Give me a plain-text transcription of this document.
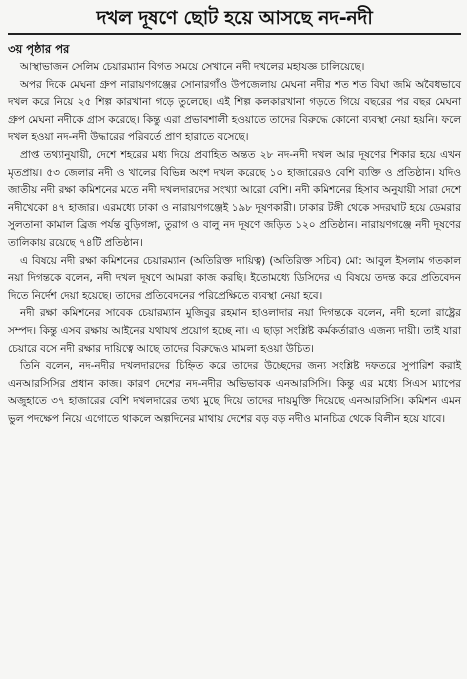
দখল দূষণে ছোট হয়ে আসছে নদ-নদী
৩য় পৃষ্ঠার পর

আস্থাভাজন সেলিম চেয়ারম্যান বিগত সময়ে সেখানে নদী দখলের মহাযজ্ঞ চালিয়েছে।

অপর দিকে মেঘনা গ্রুপ নারায়ণগঞ্জের সোনারগাঁও উপজেলায় মেঘনা নদীর শত শত বিঘা জমি অবৈধভাবে দখল করে নিয়ে ২৫ শিল্প কারখানা গড়ে তুলেছে। এই শিল্প কলকারখানা গড়তে গিয়ে বছরের পর বছর মেঘনা গ্রুপ মেঘনা নদীকে গ্রাস করেছে। কিন্তু এরা প্রভাবশালী হওয়াতে তাদের বিরুদ্ধে কোনো ব্যবস্থা নেয়া হয়নি। ফলে দখল হওয়া নদ-নদী উদ্ধারের পরিবর্তে প্রাণ হারাতে বসেছে।

প্রাপ্ত তথ্যানুযায়ী, দেশে শহরের মধ্য দিয়ে প্রবাহিত অন্তত ২৮ নদ-নদী দখল আর দূষণের শিকার হয়ে এখন মৃতপ্রায়। ৫৩ জেলার নদী ও খালের বিভিন্ন অংশ দখল করেছে ১০ হাজারেরও বেশি ব্যক্তি ও প্রতিষ্ঠান। যদিও জাতীয় নদী রক্ষা কমিশনের মতে নদী দখলদারদের সংখ্যা আরো বেশি। নদী কমিশনের হিসাব অনুযায়ী সারা দেশে নদীখেকো ৪৭ হাজার। এরমধ্যে ঢাকা ও নারায়ণগঞ্জেই ১৯৮ দূষণকারী। ঢাকার টঙ্গী থেকে সদরঘাট হয়ে ডেমরার সুলতানা কামাল ব্রিজ পর্যন্ত বুড়িগঙ্গা, তুরাগ ও বালু নদ দূষণে জড়িত ১২০ প্রতিষ্ঠান। নারায়ণগঞ্জে নদী দূষণের তালিকায় রয়েছে ৭৪টি প্রতিষ্ঠান।

এ বিষয়ে নদী রক্ষা কমিশনের চেয়ারম্যান (অতিরিক্ত দায়িত্ব) (অতিরিক্ত সচিব) মো: আবুল ইসলাম গতকাল নয়া দিগন্তকে বলেন, নদী দখল দূষণে আমরা কাজ করছি। ইতোমধ্যে ডিসিদের এ বিষয়ে তদন্ত করে প্রতিবেদন দিতে নির্দেশ দেয়া হয়েছে। তাদের প্রতিবেদনের পরিপ্রেক্ষিতে ব্যবস্থা নেয়া হবে।

নদী রক্ষা কমিশনের সাবেক চেয়ারম্যান মুজিবুর রহমান হাওলাদার নয়া দিগন্তকে বলেন, নদী হলো রাষ্ট্রের সম্পদ। কিন্তু এসব রক্ষায় আইনের যথাযথ প্রয়োগ হচ্ছে না। এ ছাড়া সংশ্লিষ্ট কর্মকর্তারাও এজন্য দায়ী। তাই যারা চেয়ারে বসে নদী রক্ষার দায়িত্বে আছে তাদের বিরুদ্ধেও মামলা হওয়া উচিত।

তিনি বলেন, নদ-নদীর দখলদারদের চিহ্নিত করে তাদের উচ্ছেদের জন্য সংশ্লিষ্ট দফতরে সুপারিশ করাই এনআরসিসির প্রধান কাজ। কারণ দেশের নদ-নদীর অভিভাবক এনআরসিসি। কিন্তু এর মধ্যে সিএস ম্যাপের অজুহাতে ৩৭ হাজারের বেশি দখলদারের তথ্য মুছে দিয়ে তাদের দায়মুক্তি দিয়েছে এনআরসিসি। কমিশন এমন ভুল পদক্ষেপ নিয়ে এগোতে থাকলে অল্পদিনের মাথায় দেশের বড় বড় নদীও মানচিত্র থেকে বিলীন হয়ে যাবে।
